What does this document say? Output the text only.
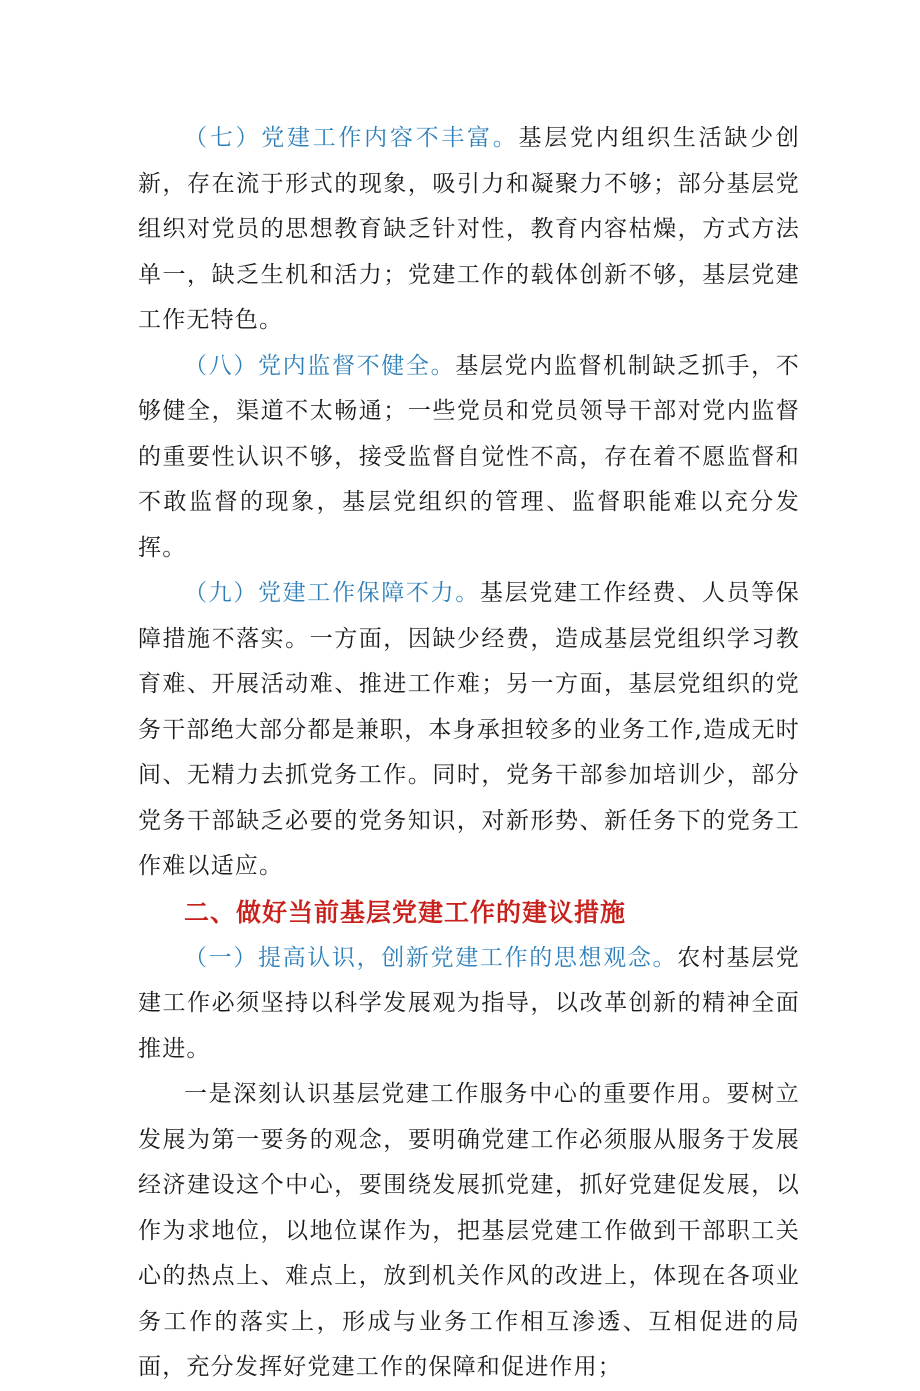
（七）党建工作内容不丰富。基层党内组织生活缺少创新，存在流于形式的现象，吸引力和凝聚力不够；部分基层党组织对党员的思想教育缺乏针对性，教育内容枯燥，方式方法单一，缺乏生机和活力；党建工作的载体创新不够，基层党建工作无特色。

（八）党内监督不健全。基层党内监督机制缺乏抓手，不够健全，渠道不太畅通；一些党员和党员领导干部对党内监督的重要性认识不够，接受监督自觉性不高，存在着不愿监督和不敢监督的现象，基层党组织的管理、监督职能难以充分发挥。

（九）党建工作保障不力。基层党建工作经费、人员等保障措施不落实。一方面，因缺少经费，造成基层党组织学习教育难、开展活动难、推进工作难；另一方面，基层党组织的党务干部绝大部分都是兼职，本身承担较多的业务工作,造成无时间、无精力去抓党务工作。同时，党务干部参加培训少，部分党务干部缺乏必要的党务知识，对新形势、新任务下的党务工作难以适应。

二、做好当前基层党建工作的建议措施

（一）提高认识，创新党建工作的思想观念。农村基层党建工作必须坚持以科学发展观为指导，以改革创新的精神全面推进。

一是深刻认识基层党建工作服务中心的重要作用。要树立发展为第一要务的观念，要明确党建工作必须服从服务于发展经济建设这个中心，要围绕发展抓党建，抓好党建促发展，以作为求地位，以地位谋作为，把基层党建工作做到干部职工关心的热点上、难点上，放到机关作风的改进上，体现在各项业务工作的落实上，形成与业务工作相互渗透、互相促进的局面，充分发挥好党建工作的保障和促进作用；
